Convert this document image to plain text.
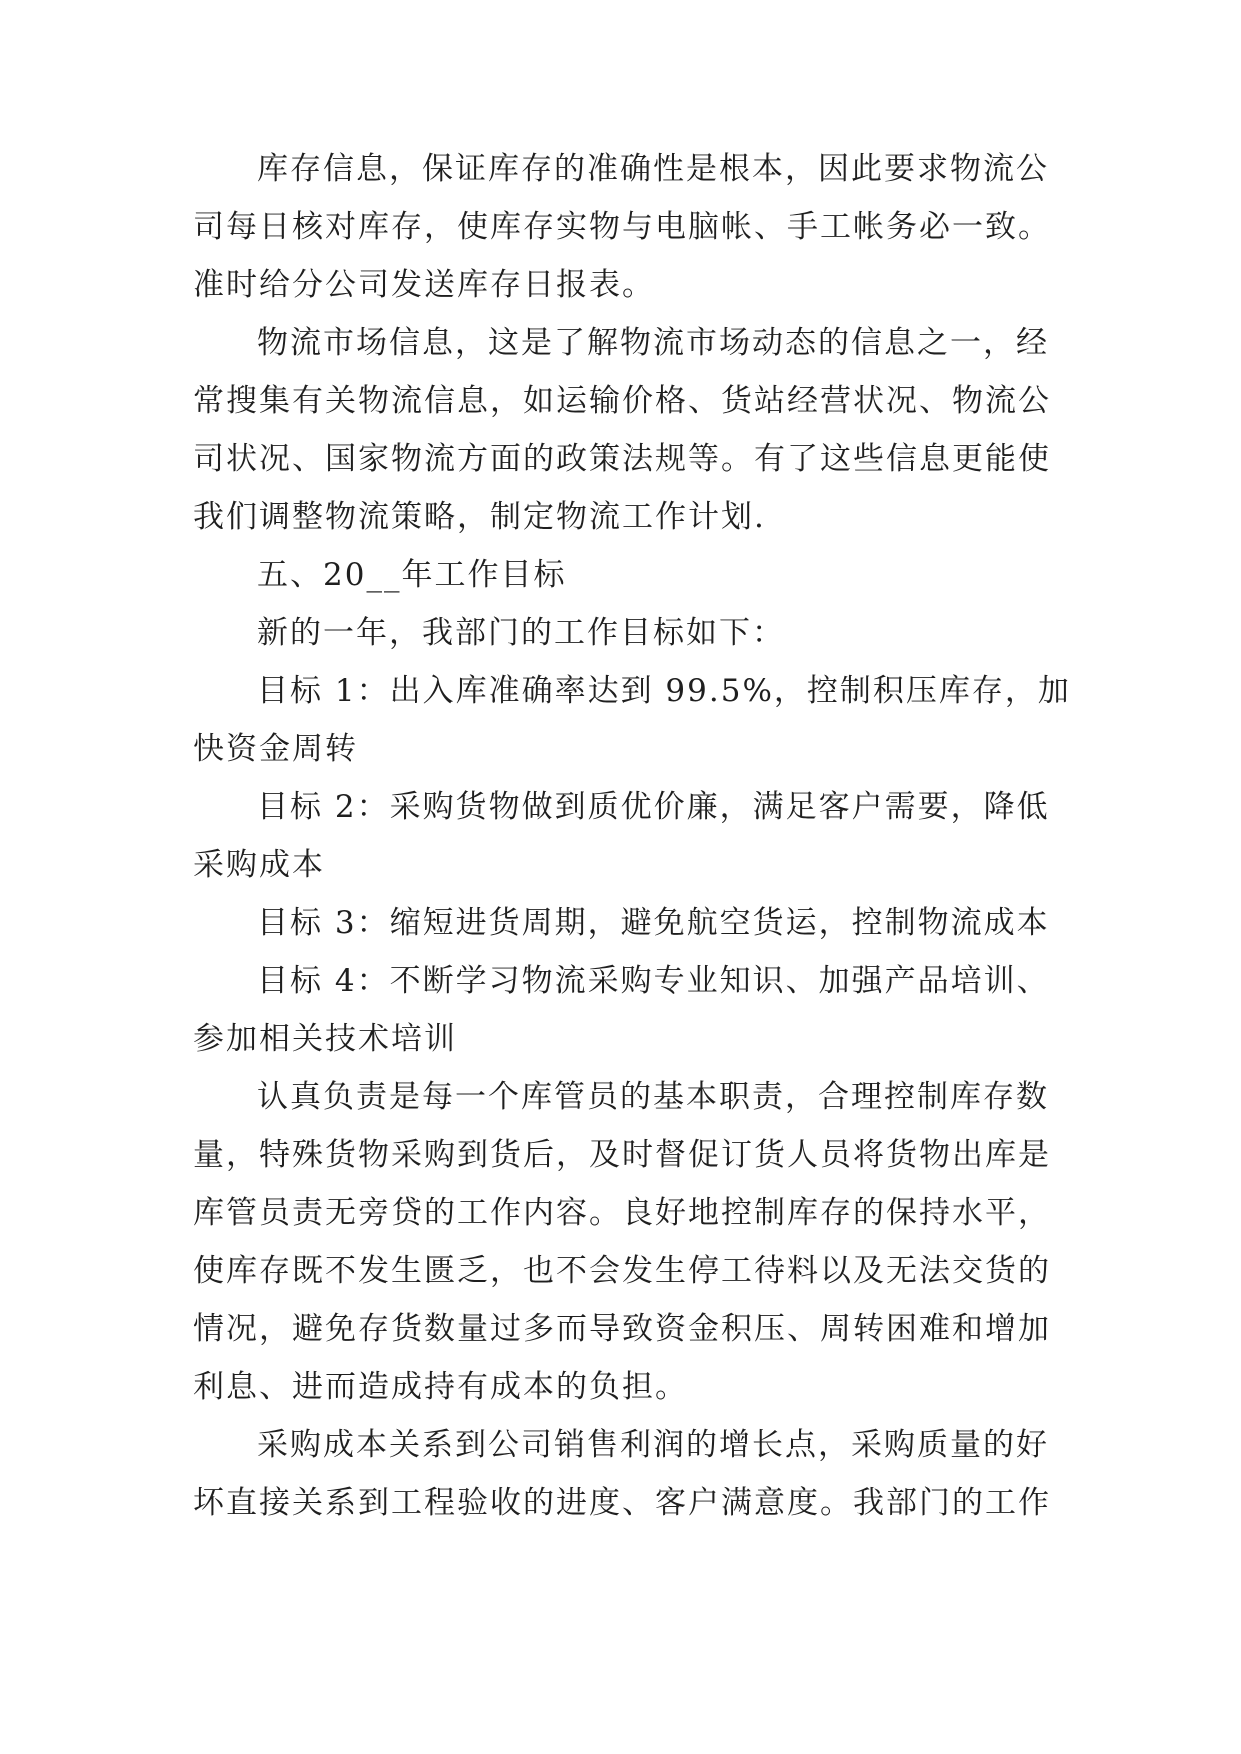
库存信息，保证库存的准确性是根本，因此要求物流公
司每日核对库存，使库存实物与电脑帐、手工帐务必一致。
准时给分公司发送库存日报表。
物流市场信息，这是了解物流市场动态的信息之一，经
常搜集有关物流信息，如运输价格、货站经营状况、物流公
司状况、国家物流方面的政策法规等。有了这些信息更能使
我们调整物流策略，制定物流工作计划.
五、20__年工作目标
新的一年，我部门的工作目标如下：
目标 1：出入库准确率达到 99.5%，控制积压库存，加
快资金周转
目标 2：采购货物做到质优价廉，满足客户需要，降低
采购成本
目标 3：缩短进货周期，避免航空货运，控制物流成本
目标 4：不断学习物流采购专业知识、加强产品培训、
参加相关技术培训
认真负责是每一个库管员的基本职责，合理控制库存数
量，特殊货物采购到货后，及时督促订货人员将货物出库是
库管员责无旁贷的工作内容。良好地控制库存的保持水平，
使库存既不发生匮乏，也不会发生停工待料以及无法交货的
情况，避免存货数量过多而导致资金积压、周转困难和增加
利息、进而造成持有成本的负担。
采购成本关系到公司销售利润的增长点，采购质量的好
坏直接关系到工程验收的进度、客户满意度。我部门的工作
